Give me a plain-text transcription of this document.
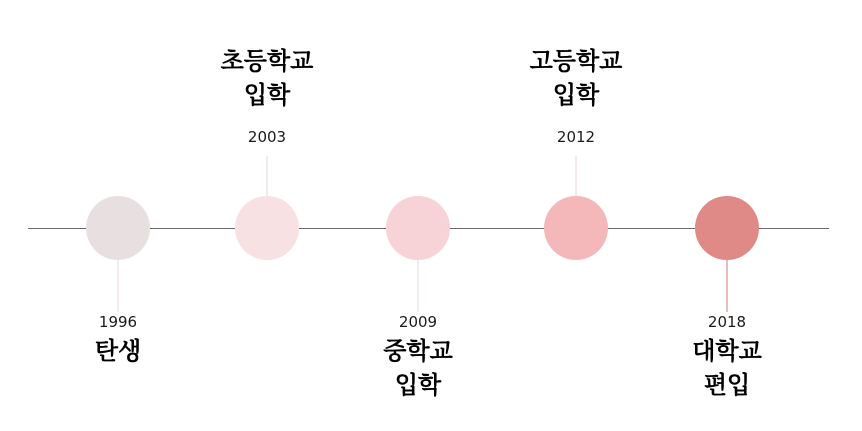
1996
탄생
2003
초등학교
입학
2009
중학교
입학
2012
고등학교
입학
2018
대학교
편입
